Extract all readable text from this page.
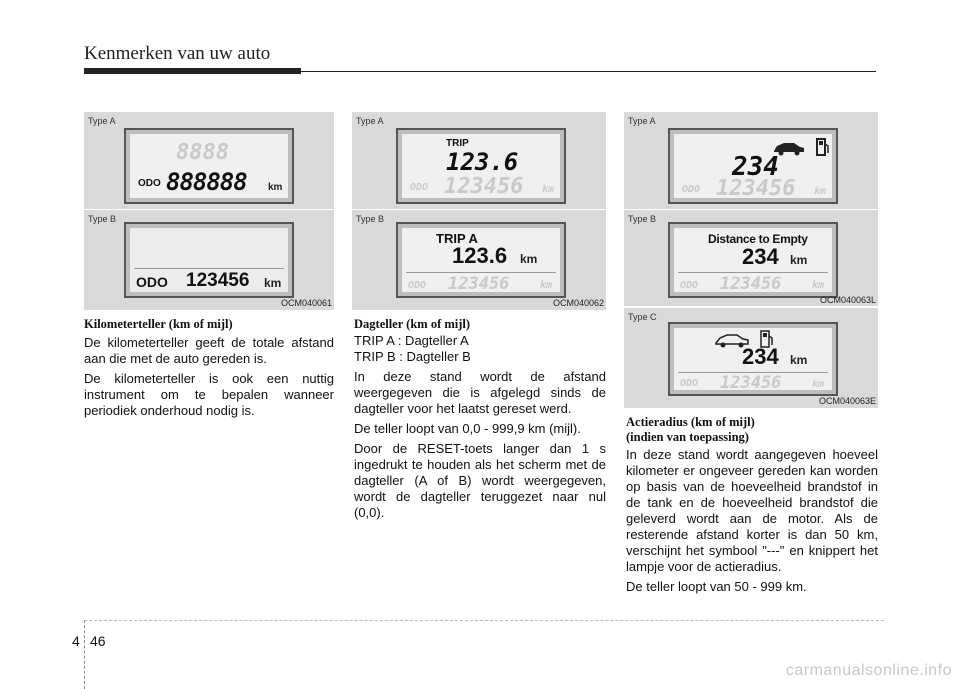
Kenmerken van uw auto
Type A
8888
ODO 888888 km
Type B
ODO 123456 km
OCM040061
Type A
TRIP
123.6
ODO 123456 km
Type B
TRIP A
123.6 km
ODO 123456	km
OCM040062
Type A
234
ODO 123456 km
Type B
Distance to Empty
234 km
ODO 123456	km
OCM040063L
Type C
234 km
ODO 123456	km
OCM040063E
Kilometerteller (km of mijl)

De kilometerteller geeft de totale afstand aan die met de auto gereden is.

De kilometerteller is ook een nuttig instrument om te bepalen wanneer periodiek onderhoud nodig is.

Dagteller (km of mijl)
TRIP A : Dagteller A
TRIP B : Dagteller B

In deze stand wordt de afstand weergegeven die is afgelegd sinds de dagteller voor het laatst gereset werd.

De teller loopt van 0,0 - 999,9 km (mijl).

Door de RESET-toets langer dan 1 s ingedrukt te houden als het scherm met de dagteller (A of B) wordt weergegeven, wordt de dagteller teruggezet naar nul (0,0).

Actieradius (km of mijl)
(indien van toepassing)

In deze stand wordt aangegeven hoeveel kilometer er ongeveer gereden kan worden op basis van de hoeveelheid brandstof in de tank en de hoeveelheid brandstof die geleverd wordt aan de motor. Als de resterende afstand korter is dan 50 km, verschijnt het symbool "---" en knippert het lampje voor de actieradius.

De teller loopt van 50 - 999 km.

4 46
carmanualsonline.info
